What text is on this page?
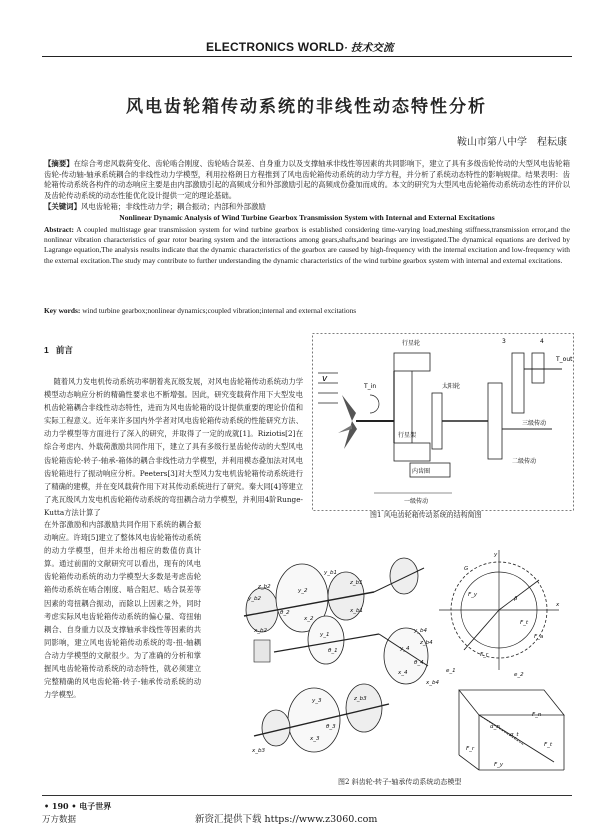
ELECTRONICS WORLD· 技术交流
风电齿轮箱传动系统的非线性动态特性分析
鞍山市第八中学　程耘康
【摘要】在综合考虑风载荷变化、齿轮啮合刚度、齿轮啮合误差、自身重力以及支撑轴承非线性等因素的共同影响下，建立了具有多级齿轮传动的大型风电齿轮箱齿轮-传动轴-轴承系统耦合的非线性动力学模型，利用拉格朗日方程推到了风电齿轮箱传动系统的动力学方程，并分析了系统动态特性的影响规律。结果表明：齿轮箱传动系统各构件的动态响应主要是由内部激励引起的高频成分和外部激励引起的高频成份叠加而成的。本文的研究为大型风电齿轮箱传动系统动态性的评价以及齿轮传动系统的动态性能优化设计提供一定的理论基础。
【关键词】风电齿轮箱；非线性动力学；耦合振动；内部和外部激励
Nonlinear Dynamic Analysis of Wind Turbine Gearbox Transmission System with Internal and External Excitations
Abstract: A coupled multistage gear transmission system for wind turbine gearbox is established considering time-varying load,meshing stiffness,transmission error,and the nonlinear vibration characteristics of gear rotor bearing system and the interactions among gears,shafts,and bearings are investigated.The dynamical equations are derived by Lagrange equation,The analysis results indicate that the dynamic characteristics of the gearbox are caused by high-frequency with the internal excitation and low-frequency with the external excitation.The study may contribute to further understanding the dynamic characteristics of the wind turbine gearbox system with internal and external excitations.
Key words: wind turbine gearbox;nonlinear dynamics;coupled vibration;internal and external excitations
1 前言
随着风力发电机传动系统功率朝着兆瓦级发展，对风电齿轮箱传动系统动力学模型动态响应分析的精确性要求也不断增强。因此，研究变载荷作用下大型发电机齿轮箱耦合非线性动态特性，进而为风电齿轮箱的设计提供重要的理论价值和实际工程意义。近年来许多国内外学者对风电齿轮箱传动系统的性能研究方法、动力学模型等方面进行了深入的研究，并取得了一定的成就[1]。Riziotis[2]在综合考虑内、外载荷激励共同作用下，建立了具有多级行星齿轮传动的大型风电齿轮箱齿轮-转子-轴承-箱体的耦合非线性动力学模型，并利用模态叠加法对风电齿轮箱进行了振动响应分析。Peeters[3]对大型风力发电机齿轮箱传动系统进行了精确的建模，并在变风载荷作用下对其传动系统进行了研究。秦大同[4]等建立了兆瓦级风力发电机齿轮箱传动系统的弯扭耦合动力学模型，并利用4阶Runge-Kutta方法计算了
在外部激励和内部激励共同作用下系统的耦合振动响应。许琦[5]建立了整体风电齿轮箱传动系统的动力学模型，但并未给出相应的数值仿真计算。通过前面的文献研究可以看出，现有的风电齿轮箱传动系统的动力学模型大多数是考虑齿轮箱传动系统在啮合刚度、啮合阻尼、啮合误差等因素的弯扭耦合振动，而除以上因素之外，同时考虑实际风电齿轮箱传动系统的偏心量、弯扭轴耦合、自身重力以及支撑轴承非线性等因素的共同影响，建立风电齿轮箱传动系统的弯-扭-轴耦合动力学模型的文献很少。为了准确的分析和掌握风电齿轮箱传动系统的动态特性，就必须建立完整精确的风电齿轮箱-转子-轴承传动系统的动力学模型。
v
T_in
行星轮
太阳轮
行星架
内齿圈
一级传动
T_out
3	4
三级传动
二级传动
图1 风电齿轮箱传动系统的结构简图
y_b2
z_b2
y_b1
x_b2
y_2
x_2
θ_2	x_b1
z_b1
y_1
θ_1
z_b3
y_b4
z_b4
x_b3
x_b4
y_3
y_4
x_3
x_4
θ_3
θ_4
y
F_y
G
x
F_t
F_a
F_r
β
α_n
α_t
F_n
F_t
F_r
F_y
e_1
e_2
图2 斜齿轮-转子-轴承传动系统动态模型
• 190 • 电子世界
万方数据	新资汇提供下载 https://www.z3060.com
